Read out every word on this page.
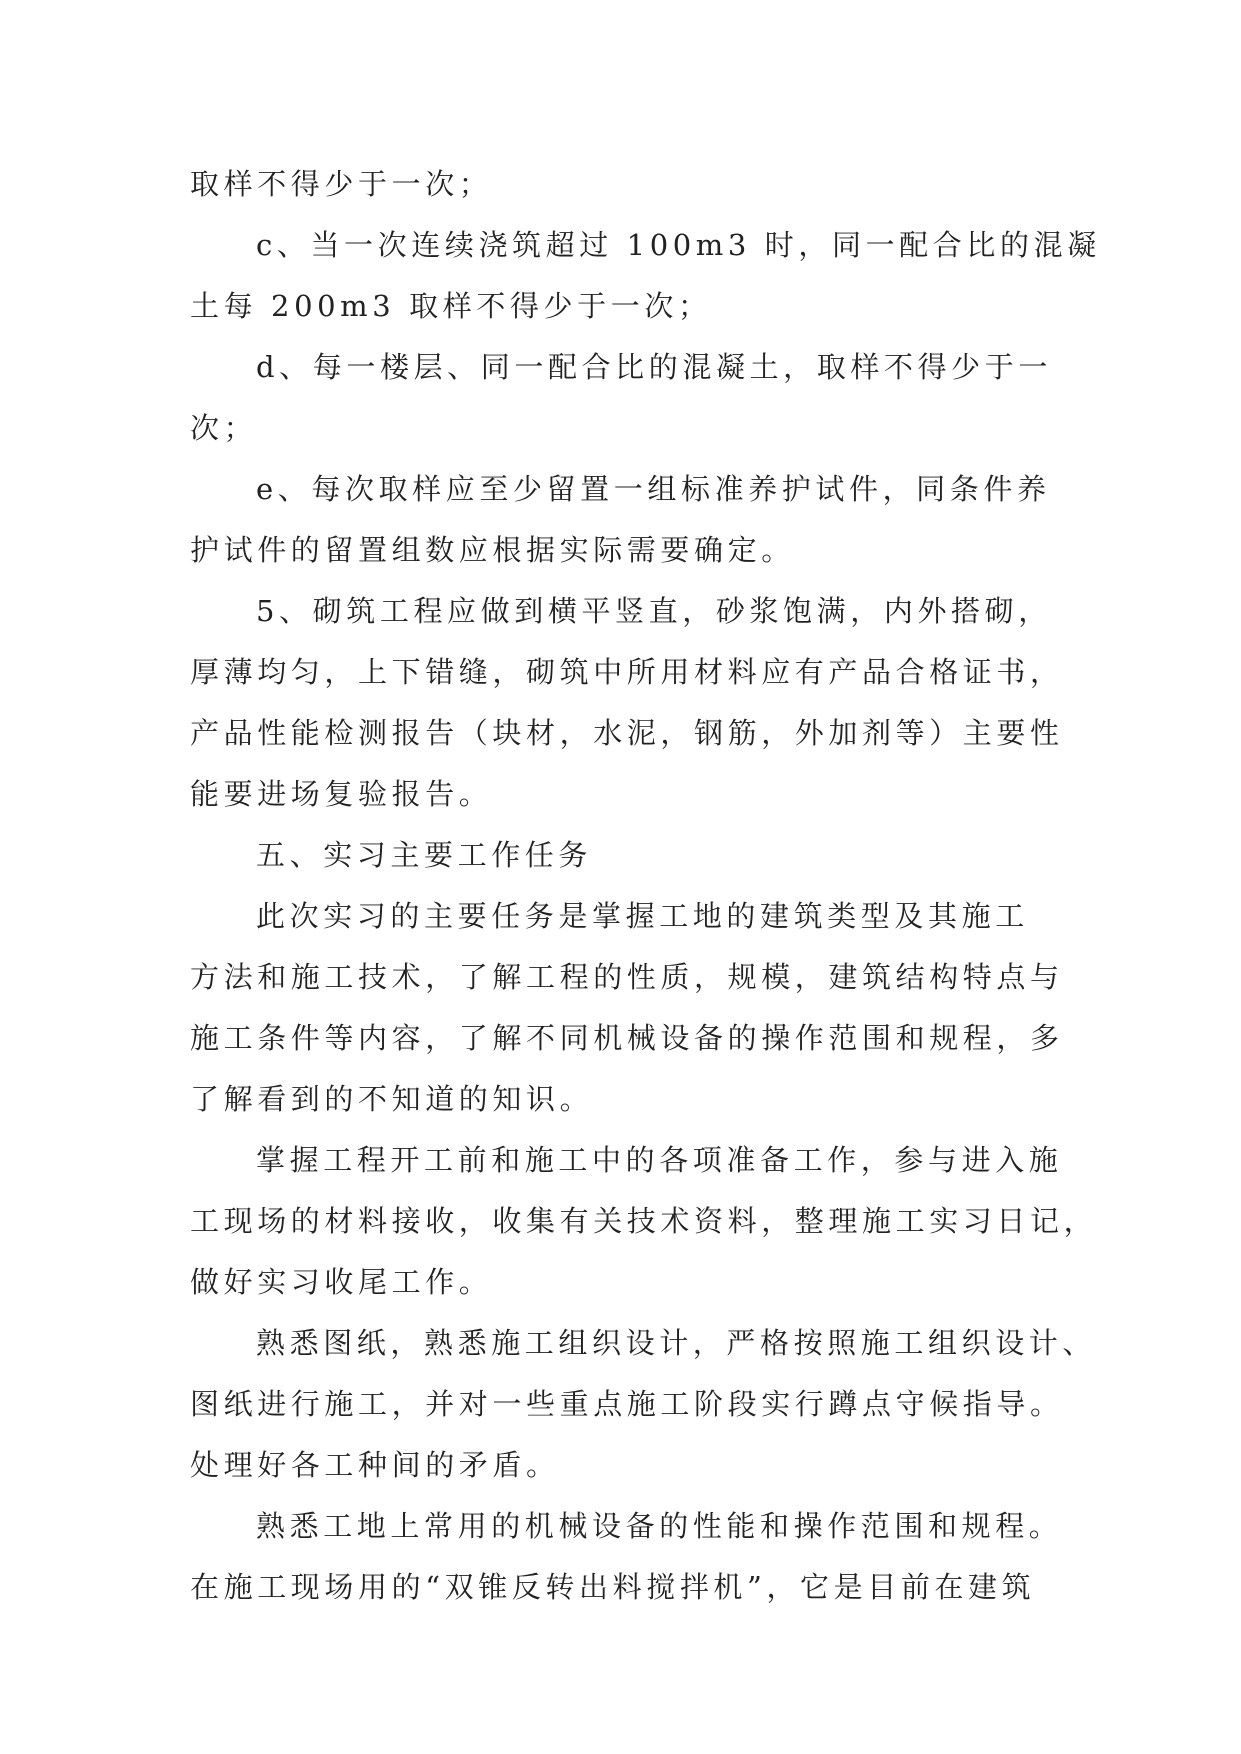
取样不得少于一次；
c、当一次连续浇筑超过 100m3 时，同一配合比的混凝
土每 200m3 取样不得少于一次；
d、每一楼层、同一配合比的混凝土，取样不得少于一
次；
e、每次取样应至少留置一组标准养护试件，同条件养
护试件的留置组数应根据实际需要确定。
5、砌筑工程应做到横平竖直，砂浆饱满，内外搭砌，
厚薄均匀，上下错缝，砌筑中所用材料应有产品合格证书，
产品性能检测报告（块材，水泥，钢筋，外加剂等）主要性
能要进场复验报告。
五、实习主要工作任务
此次实习的主要任务是掌握工地的建筑类型及其施工
方法和施工技术，了解工程的性质，规模，建筑结构特点与
施工条件等内容，了解不同机械设备的操作范围和规程，多
了解看到的不知道的知识。
掌握工程开工前和施工中的各项准备工作，参与进入施
工现场的材料接收，收集有关技术资料，整理施工实习日记，
做好实习收尾工作。
熟悉图纸，熟悉施工组织设计，严格按照施工组织设计、
图纸进行施工，并对一些重点施工阶段实行蹲点守候指导。
处理好各工种间的矛盾。
熟悉工地上常用的机械设备的性能和操作范围和规程。
在施工现场用的“双锥反转出料搅拌机”，它是目前在建筑
